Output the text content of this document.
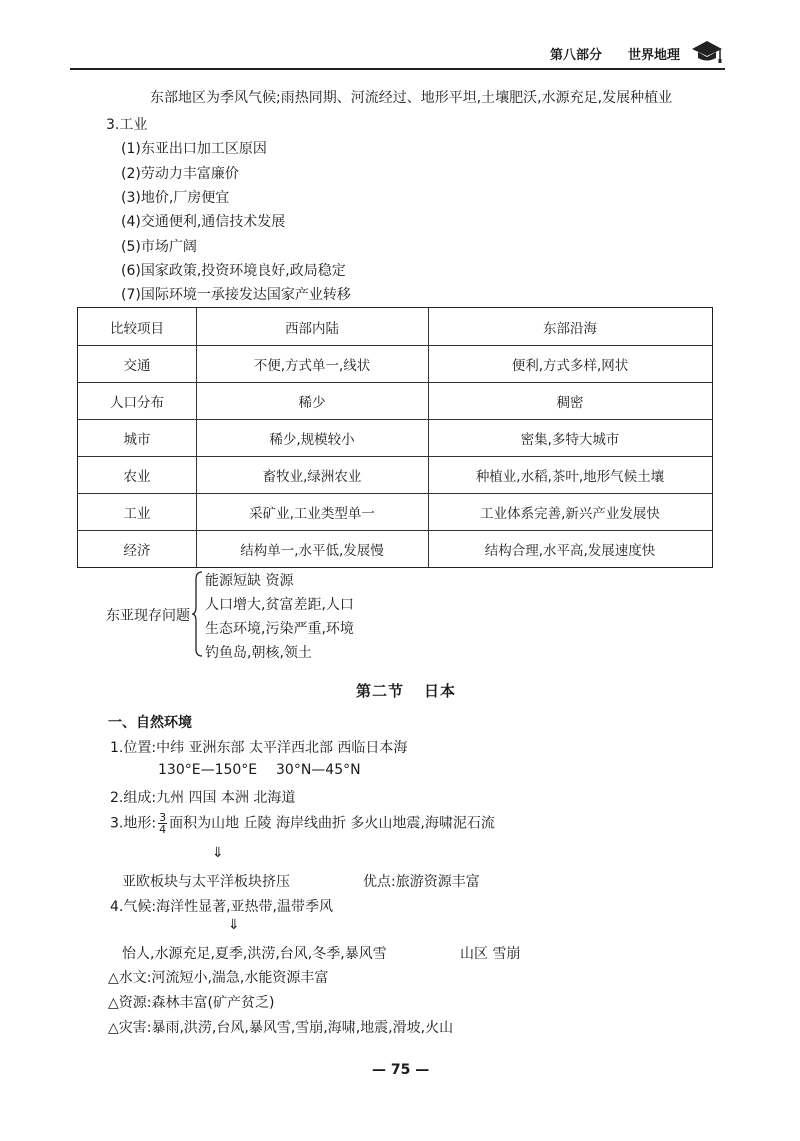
第八部分 世界地理
东部地区为季风气候;雨热同期、河流经过、地形平坦,土壤肥沃,水源充足,发展种植业
3.工业
(1)东亚出口加工区原因
(2)劳动力丰富廉价
(3)地价,厂房便宜
(4)交通便利,通信技术发展
(5)市场广阔
(6)国家政策,投资环境良好,政局稳定
(7)国际环境一承接发达国家产业转移
比较项目	西部内陆	东部沿海
交通	不便,方式单一,线状	便利,方式多样,网状
人口分布	稀少	稠密
城市	稀少,规模较小	密集,多特大城市
农业	畜牧业,绿洲农业	种植业,水稻,茶叶,地形气候土壤
工业	采矿业,工业类型单一	工业体系完善,新兴产业发展快
经济	结构单一,水平低,发展慢	结构合理,水平高,发展速度快
东亚现存问题
能源短缺 资源
人口增大,贫富差距,人口
生态环境,污染严重,环境
钓鱼岛,朝核,领土
第二节 日本
一、自然环境
1.位置:中纬 亚洲东部 太平洋西北部 西临日本海
130°E—150°E 30°N—45°N
2.组成:九州 四国 本洲 北海道
3.地形: $\frac{3}{4}$ 面积为山地 丘陵 海岸线曲折 多火山地震,海啸泥石流
⇓
亚欧板块与太平洋板块挤压	优点:旅游资源丰富
4.气候:海洋性显著,亚热带,温带季风
⇓
怡人,水源充足,夏季,洪涝,台风,冬季,暴风雪	山区 雪崩
△水文:河流短小,湍急,水能资源丰富
△资源:森林丰富(矿产贫乏)
△灾害:暴雨,洪涝,台风,暴风雪,雪崩,海啸,地震,滑坡,火山
— 75 —
